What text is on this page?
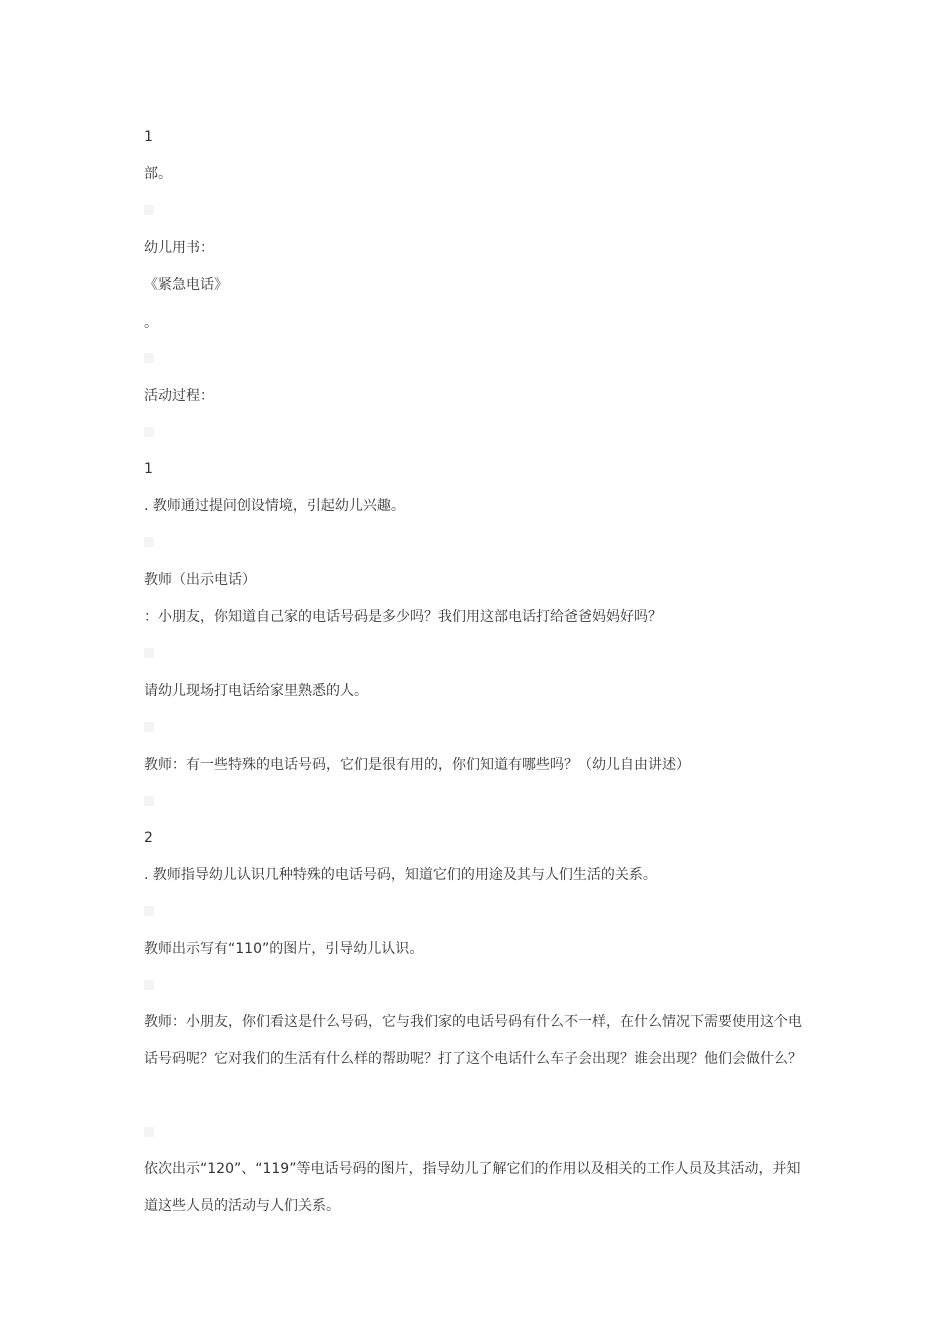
1
部。
幼儿用书：
《紧急电话》
。
活动过程：
1
. 教师通过提问创设情境，引起幼儿兴趣。
教师（出示电话）
：小朋友，你知道自己家的电话号码是多少吗？我们用这部电话打给爸爸妈妈好吗？
请幼儿现场打电话给家里熟悉的人。
教师：有一些特殊的电话号码，它们是很有用的，你们知道有哪些吗？（幼儿自由讲述）
2
. 教师指导幼儿认识几种特殊的电话号码，知道它们的用途及其与人们生活的关系。
教师出示写有“110”的图片，引导幼儿认识。
教师：小朋友，你们看这是什么号码，它与我们家的电话号码有什么不一样，在什么情况下需要使用这个电话号码呢？它对我们的生活有什么样的帮助呢？打了这个电话什么车子会出现？谁会出现？他们会做什么？
依次出示“120”、“119”等电话号码的图片，指导幼儿了解它们的作用以及相关的工作人员及其活动，并知道这些人员的活动与人们关系。
